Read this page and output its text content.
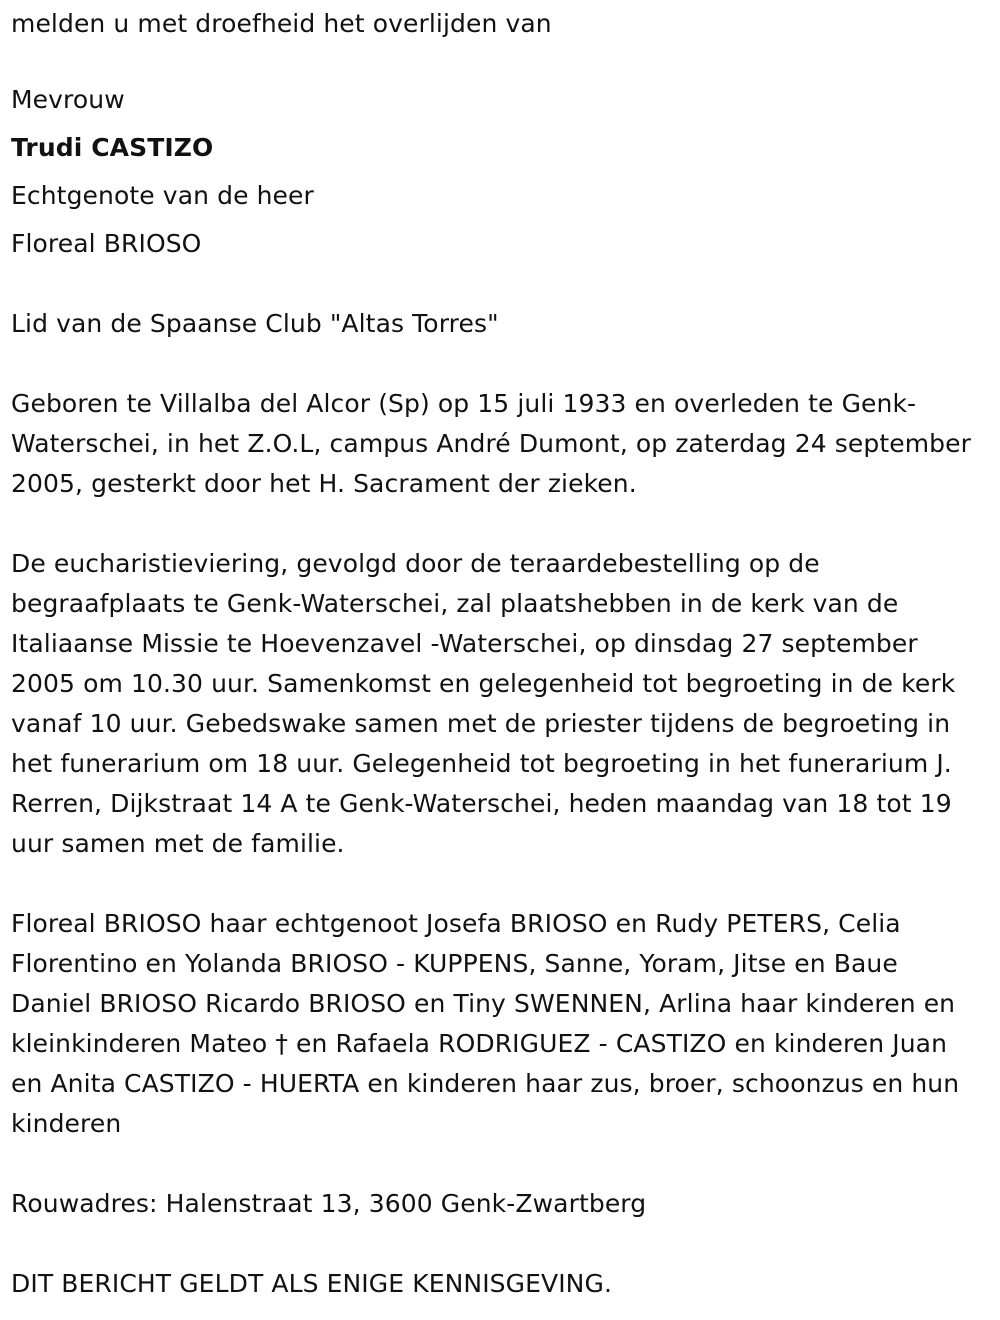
melden u met droefheid het overlijden van

Mevrouw

Trudi CASTIZO

Echtgenote van de heer

Floreal BRIOSO

Lid van de Spaanse Club "Altas Torres"

Geboren te Villalba del Alcor (Sp) op 15 juli 1933 en overleden te Genk-Waterschei, in het Z.O.L, campus André Dumont, op zaterdag 24 september 2005, gesterkt door het H. Sacrament der zieken.

De eucharistieviering, gevolgd door de teraardebestelling op de begraafplaats te Genk-Waterschei, zal plaatshebben in de kerk van de Italiaanse Missie te Hoevenzavel -Waterschei, op dinsdag 27 september 2005 om 10.30 uur. Samenkomst en gelegenheid tot begroeting in de kerk vanaf 10 uur. Gebedswake samen met de priester tijdens de begroeting in het funerarium om 18 uur. Gelegenheid tot begroeting in het funerarium J. Rerren, Dijkstraat 14 A te Genk-Waterschei, heden maandag van 18 tot 19 uur samen met de familie.

Floreal BRIOSO haar echtgenoot Josefa BRIOSO en Rudy PETERS, Celia Florentino en Yolanda BRIOSO - KUPPENS, Sanne, Yoram, Jitse en Baue Daniel BRIOSO Ricardo BRIOSO en Tiny SWENNEN, Arlina haar kinderen en kleinkinderen Mateo † en Rafaela RODRIGUEZ - CASTIZO en kinderen Juan en Anita CASTIZO - HUERTA en kinderen haar zus, broer, schoonzus en hun kinderen

Rouwadres: Halenstraat 13, 3600 Genk-Zwartberg

DIT BERICHT GELDT ALS ENIGE KENNISGEVING.
